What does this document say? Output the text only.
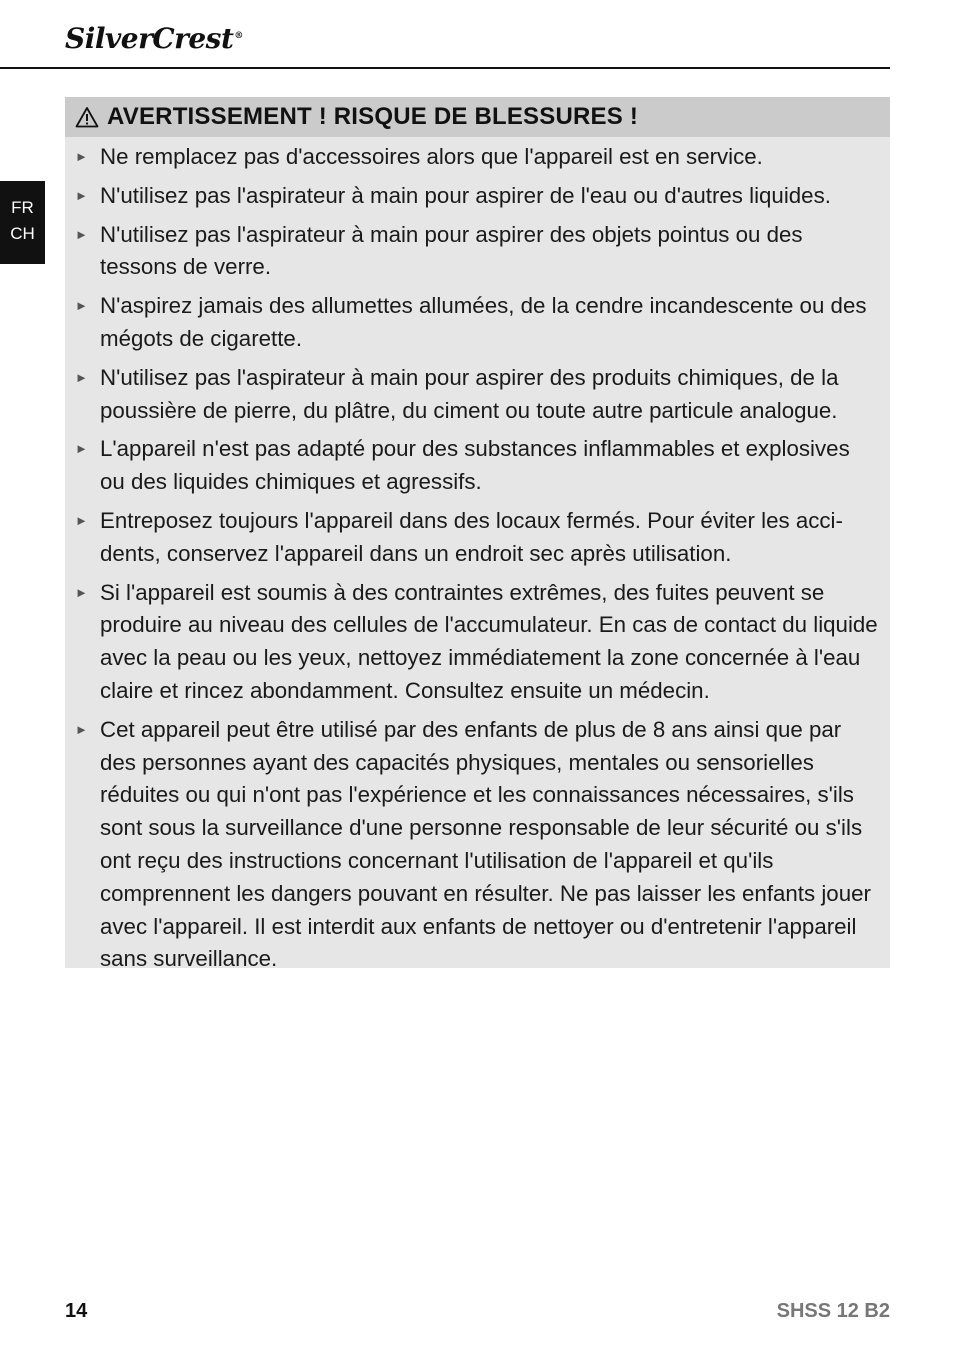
SilverCrest®
FR
CH
AVERTISSEMENT ! RISQUE DE BLESSURES !
► Ne remplacez pas d'accessoires alors que l'appareil est en service.
► N'utilisez pas l'aspirateur à main pour aspirer de l'eau ou d'autres liquides.
► N'utilisez pas l'aspirateur à main pour aspirer des objets pointus ou des tessons de verre.
► N'aspirez jamais des allumettes allumées, de la cendre incandescente ou des mégots de cigarette.
► N'utilisez pas l'aspirateur à main pour aspirer des produits chimiques, de la poussière de pierre, du plâtre, du ciment ou toute autre particule analogue.
► L'appareil n'est pas adapté pour des substances inflammables et explosives ou des liquides chimiques et agressifs.
► Entreposez toujours l'appareil dans des locaux fermés. Pour éviter les accidents, conservez l'appareil dans un endroit sec après utilisation.
► Si l'appareil est soumis à des contraintes extrêmes, des fuites peuvent se produire au niveau des cellules de l'accumulateur. En cas de contact du liquide avec la peau ou les yeux, nettoyez immédiatement la zone concernée à l'eau claire et rincez abondamment. Consultez ensuite un médecin.
► Cet appareil peut être utilisé par des enfants de plus de 8 ans ainsi que par des personnes ayant des capacités physiques, mentales ou sensorielles réduites ou qui n'ont pas l'expérience et les connaissances nécessaires, s'ils sont sous la surveillance d'une personne responsable de leur sécurité ou s'ils ont reçu des instructions concernant l'utilisation de l'appareil et qu'ils comprennent les dangers pouvant en résulter. Ne pas laisser les enfants jouer avec l'appareil. Il est interdit aux enfants de nettoyer ou d'entretenir l'appareil sans surveillance.
14	SHSS 12 B2
